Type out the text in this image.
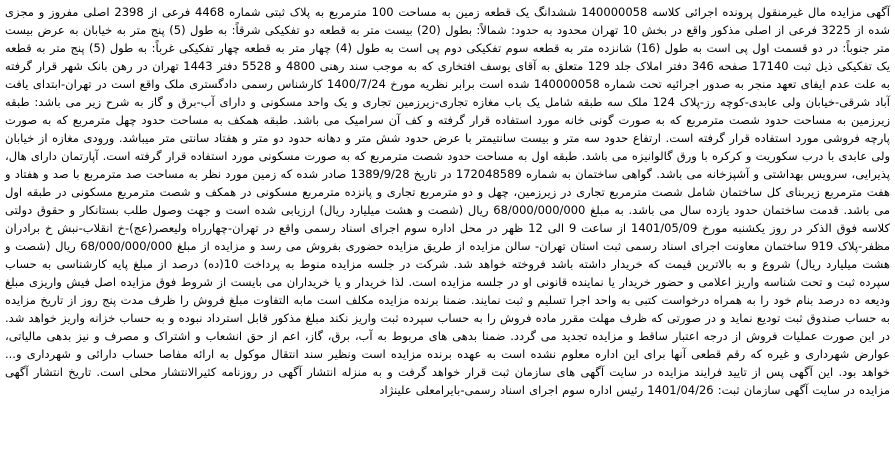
آگهی مزایده مال غیرمنقول پرونده اجرائی کلاسه 140000058 ششدانگ یک قطعه زمین به مساحت 100 مترمربع به پلاک ثبتی شماره 4468 فرعی از 2398 اصلی مفروز و مجزی شده از 3225 فرعی از اصلی مذکور واقع در بخش 10 تهران محدود به حدود: شمالاً: بطول (20) بیست متر به قطعه دو تفکیکی شرقاً: به طول (5) پنج متر به خیابان به عرض بیست متر جنوباً: در دو قسمت اول پی است به طول (16) شانزده متر به قطعه سوم تفکیکی دوم پی است به طول (4) چهار متر به قطعه چهار تفکیکی غرباً: به طول (5) پنج متر به قطعه یک تفکیکی ذیل ثبت 17140 صفحه 346 دفتر املاک جلد 129 متعلق به آقای یوسف افتخاری که به موجب سند رهنی 4800 و 5528 دفتر 1443 تهران در رهن بانک شهر قرار گرفته به علت عدم ایفای تعهد منجر به صدور اجرائیه تحت شماره 140000058 شده است برابر نظریه مورخ 1400/7/24 کارشناس رسمی دادگستری ملک واقع است در تهران-ابتدای یافت آباد شرقی-خیابان ولی عابدی-کوچه رز-پلاک 124 ملک سه طبقه شامل یک باب مغازه تجاری-زیرزمین تجاری و یک واحد مسکونی و دارای آب-برق و گاز به شرح زیر می باشد: طبقه زیرزمین به مساحت حدود شصت مترمربع که به صورت گونی خانه مورد استفاده قرار گرفته و کف آن سرامیک می باشد. طبقه همکف به مساحت حدود چهل مترمربع که به صورت پارچه فروشی مورد استفاده قرار گرفته است. ارتفاع حدود سه متر و بیست سانتیمتر با عرض حدود شش متر و دهانه حدود دو متر و هفتاد سانتی متر میباشد. ورودی مغازه از خیابان ولی عابدی با درب سکوریت و کرکره با ورق گالوانیزه می باشد. طبقه اول به مساحت حدود شصت مترمربع که به صورت مسکونی مورد استفاده قرار گرفته است. آپارتمان دارای هال، پذیرایی، سرویس بهداشتی و آشپزخانه می باشد. گواهی ساختمان به شماره 172048589 در تاریخ 1389/9/28 صادر شده که زمین مورد نظر به مساحت صد مترمربع با صد و هفتاد و هفت مترمربع زیربنای کل ساختمان شامل شصت مترمربع تجاری در زیرزمین، چهل و دو مترمربع تجاری و پانزده مترمربع مسکونی در همکف و شصت مترمربع مسکونی در طبقه اول می باشد. قدمت ساختمان حدود یازده سال می باشد. به مبلغ 68/000/000/000 ریال (شصت و هشت میلیارد ریال) ارزیابی شده است و جهت وصول طلب بستانکار و حقوق دولتی کلاسه فوق الذکر در روز یکشنبه مورخ 1401/05/09 از ساعت 9 الی 12 ظهر در محل اداره سوم اجرای اسناد رسمی واقع در تهران-چهارراه ولیعصر(عج)-خ انقلاب-نبش خ برادران مظفر-پلاک 919 ساختمان معاونت اجرای اسناد رسمی ثبت استان تهران- سالن مزایده از طریق مزایده حضوری بفروش می رسد و مزایده از مبلغ 68/000/000/000 ریال (شصت و هشت میلیارد ریال) شروع و به بالاترین قیمت که خریدار داشته باشد فروخته خواهد شد. شرکت در جلسه مزایده منوط به پرداخت 10(ده) درصد از مبلغ پایه کارشناسی به حساب سپرده ثبت و تحت شناسه واریز اعلامی و حضور خریدار یا نماینده قانونی او در جلسه مزایده است. لذا خریدار و یا خریداران می بایست از شروط فوق مزایده اصل فیش واریزی مبلغ ودیعه ده درصد بنام خود را به همراه درخواست کتبی به واحد اجرا تسلیم و ثبت نمایند. ضمنا برنده مزایده مکلف است مابه التفاوت مبلغ فروش را ظرف مدت پنج روز از تاریخ مزایده به حساب صندوق ثبت تودیع نماید و در صورتی که ظرف مهلت مقرر ماده فروش را به حساب سپرده ثبت واریز نکند مبلغ مذکور قابل استرداد نبوده و به حساب خزانه واریز خواهد شد. در این صورت عملیات فروش از درجه اعتبار ساقط و مزایده تجدید می گردد. ضمنا بدهی های مربوط به آب، برق، گاز، اعم از حق انشعاب و اشتراک و مصرف و نیز بدهی مالیاتی، عوارض شهرداری و غیره که رقم قطعی آنها برای این اداره معلوم نشده است به عهده برنده مزایده است ونظیر سند انتقال موکول به ارائه مفاصا حساب دارائی و شهرداری و... خواهد بود. این آگهی پس از تایید فرایند مزایده در سایت آگهی های سازمان ثبت قرار خواهد گرفت و به منزله انتشار آگهی در روزنامه کثیرالانتشار محلی است. تاریخ انتشار آگهی مزایده در سایت آگهی سازمان ثبت: 1401/04/26 رئیس اداره سوم اجرای اسناد رسمی-بایرامعلی علینژاد
